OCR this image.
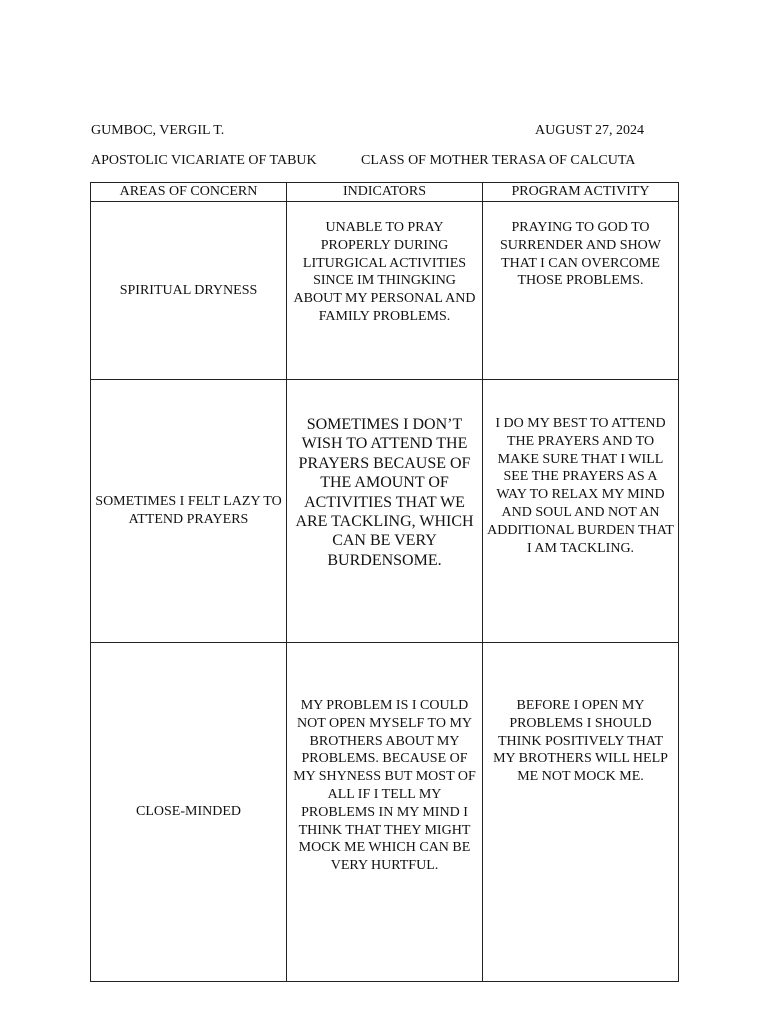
GUMBOC, VERGIL T.	AUGUST 27, 2024
APOSTOLIC VICARIATE OF TABUK	CLASS OF MOTHER TERASA OF CALCUTA
AREAS OF CONCERN	INDICATORS	PROGRAM ACTIVITY
SPIRITUAL DRYNESS	UNABLE TO PRAY PROPERLY DURING LITURGICAL ACTIVITIES SINCE IM THINGKING ABOUT MY PERSONAL AND FAMILY PROBLEMS.	PRAYING TO GOD TO SURRENDER AND SHOW THAT I CAN OVERCOME THOSE PROBLEMS.
SOMETIMES I FELT LAZY TO ATTEND PRAYERS	SOMETIMES I DON’T WISH TO ATTEND THE PRAYERS BECAUSE OF THE AMOUNT OF ACTIVITIES THAT WE ARE TACKLING, WHICH CAN BE VERY BURDENSOME.	I DO MY BEST TO ATTEND THE PRAYERS AND TO MAKE SURE THAT I WILL SEE THE PRAYERS AS A WAY TO RELAX MY MIND AND SOUL AND NOT AN ADDITIONAL BURDEN THAT I AM TACKLING.
CLOSE-MINDED	MY PROBLEM IS I COULD NOT OPEN MYSELF TO MY BROTHERS ABOUT MY PROBLEMS. BECAUSE OF MY SHYNESS BUT MOST OF ALL IF I TELL MY PROBLEMS IN MY MIND I THINK THAT THEY MIGHT MOCK ME WHICH CAN BE VERY HURTFUL.	BEFORE I OPEN MY PROBLEMS I SHOULD THINK POSITIVELY THAT MY BROTHERS WILL HELP ME NOT MOCK ME.
